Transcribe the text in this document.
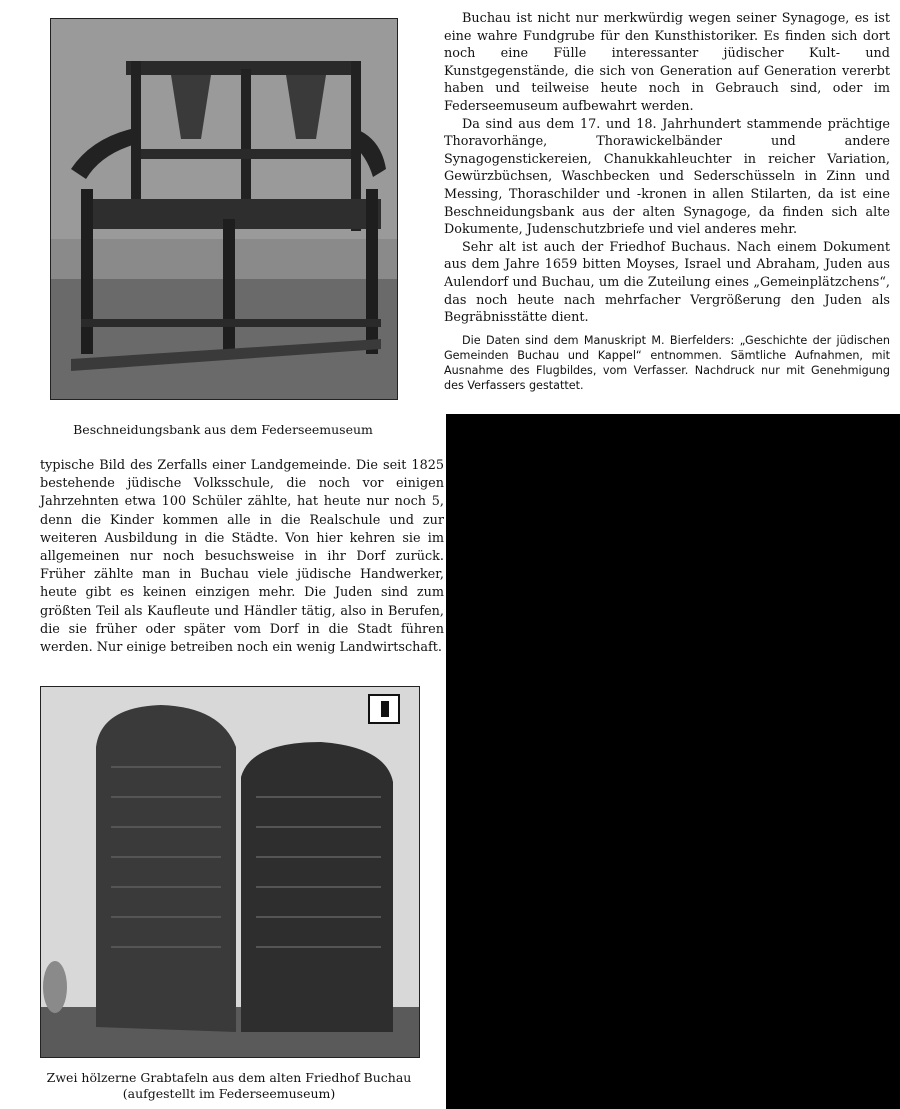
Beschneidungsbank aus dem Federseemuseum

Buchau ist nicht nur merkwürdig wegen seiner Synagoge, es ist eine wahre Fundgrube für den Kunsthistoriker. Es finden sich dort noch eine Fülle interessanter jüdischer Kult- und Kunstgegenstände, die sich von Generation auf Generation vererbt haben und teilweise heute noch in Gebrauch sind, oder im Federseemuseum aufbewahrt werden.

Da sind aus dem 17. und 18. Jahrhundert stammende prächtige Thoravorhänge, Thorawickelbänder und andere Synagogenstickereien, Chanukkahleuchter in reicher Variation, Gewürzbüchsen, Waschbecken und Sederschüsseln in Zinn und Messing, Thoraschilder und -kronen in allen Stilarten, da ist eine Beschneidungsbank aus der alten Synagoge, da finden sich alte Dokumente, Judenschutzbriefe und viel anderes mehr.

Sehr alt ist auch der Friedhof Buchaus. Nach einem Dokument aus dem Jahre 1659 bitten Moyses, Israel und Abraham, Juden aus Aulendorf und Buchau, um die Zuteilung eines „Gemeinplätzchens“, das noch heute nach mehrfacher Vergrößerung den Juden als Begräbnisstätte dient.

Die Daten sind dem Manuskript M. Bierfelders: „Geschichte der jüdischen Gemeinden Buchau und Kappel“ entnommen. Sämtliche Aufnahmen, mit Ausnahme des Flugbildes, vom Verfasser. Nachdruck nur mit Genehmigung des Verfassers gestattet.

typische Bild des Zerfalls einer Landgemeinde. Die seit 1825 bestehende jüdische Volksschule, die noch vor einigen Jahrzehnten etwa 100 Schüler zählte, hat heute nur noch 5, denn die Kinder kommen alle in die Realschule und zur weiteren Ausbildung in die Städte. Von hier kehren sie im allgemeinen nur noch besuchsweise in ihr Dorf zurück. Früher zählte man in Buchau viele jüdische Handwerker, heute gibt es keinen einzigen mehr. Die Juden sind zum größten Teil als Kaufleute und Händler tätig, also in Berufen, die sie früher oder später vom Dorf in die Stadt führen werden. Nur einige betreiben noch ein wenig Landwirtschaft.

Zwei hölzerne Grabtafeln aus dem alten Friedhof Buchau
(aufgestellt im Federseemuseum)
